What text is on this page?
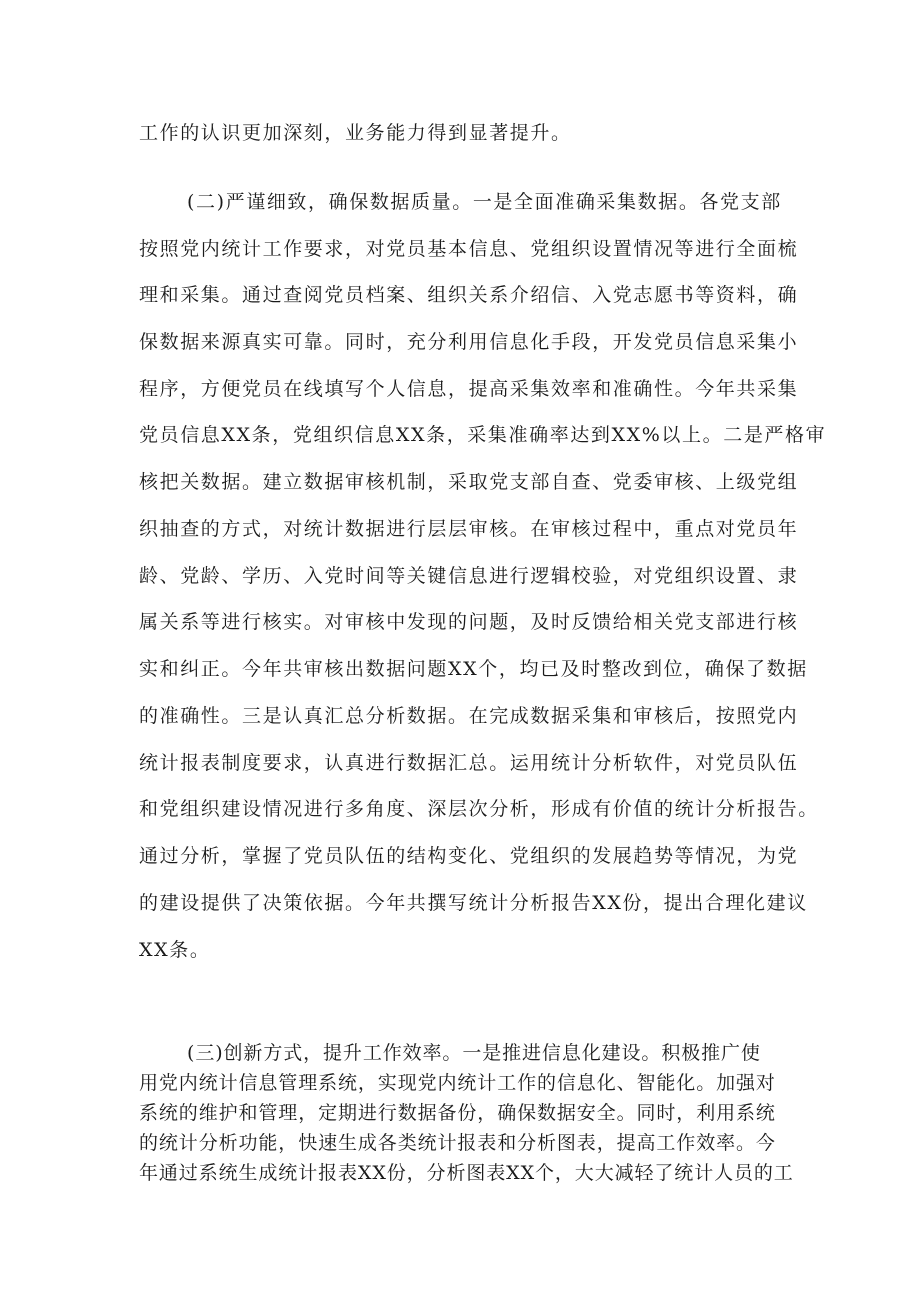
工作的认识更加深刻，业务能力得到显著提升。
(二)严谨细致，确保数据质量。一是全面准确采集数据。各党支部
按照党内统计工作要求，对党员基本信息、党组织设置情况等进行全面梳
理和采集。通过查阅党员档案、组织关系介绍信、入党志愿书等资料，确
保数据来源真实可靠。同时，充分利用信息化手段，开发党员信息采集小
程序，方便党员在线填写个人信息，提高采集效率和准确性。今年共采集
党员信息XX条，党组织信息XX条，采集准确率达到XX%以上。二是严格审
核把关数据。建立数据审核机制，采取党支部自查、党委审核、上级党组
织抽查的方式，对统计数据进行层层审核。在审核过程中，重点对党员年
龄、党龄、学历、入党时间等关键信息进行逻辑校验，对党组织设置、隶
属关系等进行核实。对审核中发现的问题，及时反馈给相关党支部进行核
实和纠正。今年共审核出数据问题XX个，均已及时整改到位，确保了数据
的准确性。三是认真汇总分析数据。在完成数据采集和审核后，按照党内
统计报表制度要求，认真进行数据汇总。运用统计分析软件，对党员队伍
和党组织建设情况进行多角度、深层次分析，形成有价值的统计分析报告。
通过分析，掌握了党员队伍的结构变化、党组织的发展趋势等情况，为党
的建设提供了决策依据。今年共撰写统计分析报告XX份，提出合理化建议
XX条。
(三)创新方式，提升工作效率。一是推进信息化建设。积极推广使
用党内统计信息管理系统，实现党内统计工作的信息化、智能化。加强对
系统的维护和管理，定期进行数据备份，确保数据安全。同时，利用系统
的统计分析功能，快速生成各类统计报表和分析图表，提高工作效率。今
年通过系统生成统计报表XX份，分析图表XX个，大大减轻了统计人员的工
